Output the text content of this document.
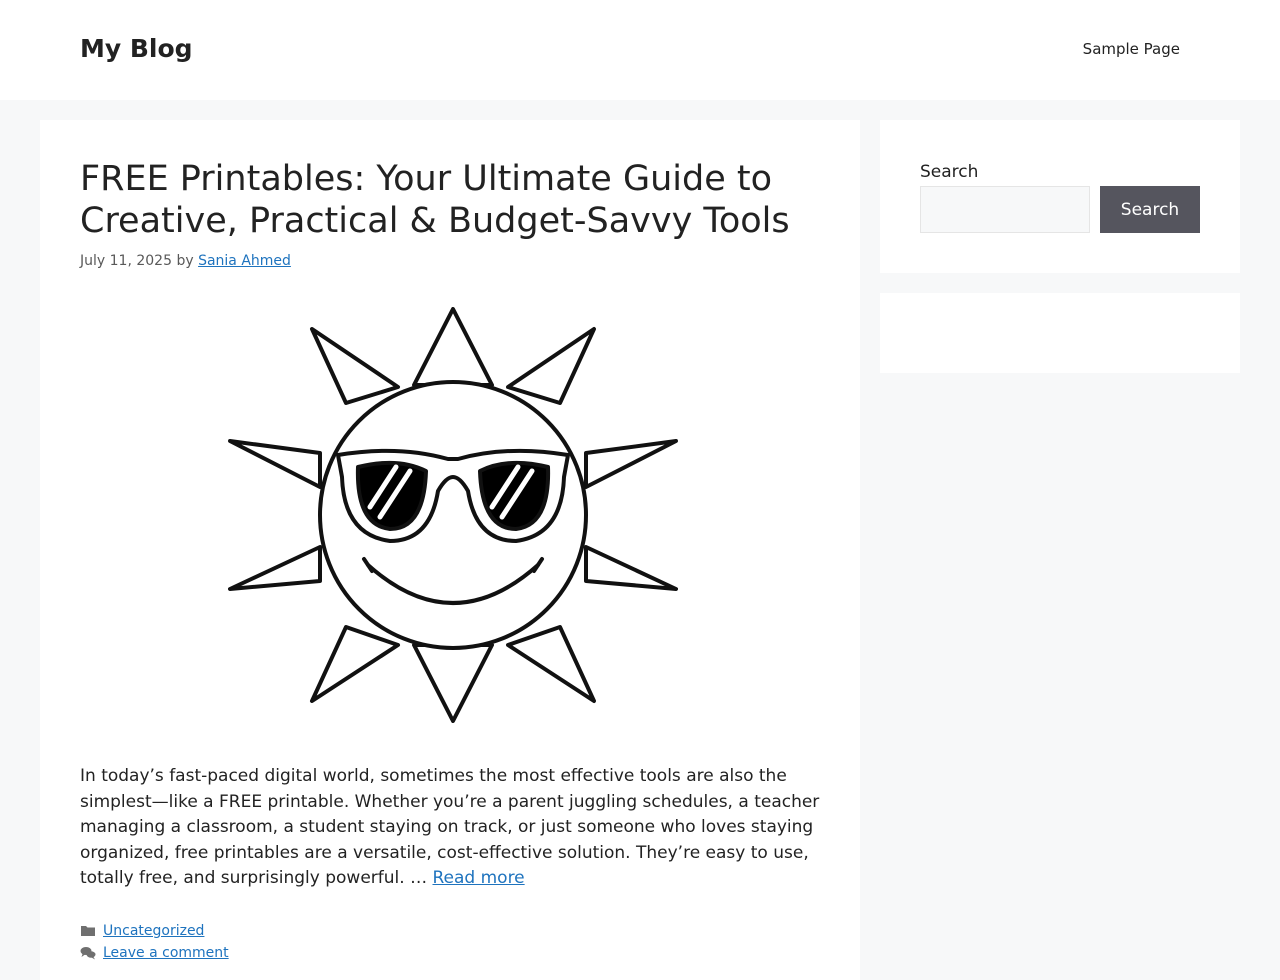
My Blog	Sample Page
FREE Printables: Your Ultimate Guide to Creative, Practical & Budget-Savvy Tools
July 11, 2025 by Sania Ahmed

In today’s fast-paced digital world, sometimes the most effective tools are also the simplest—like a FREE printable. Whether you’re a parent juggling schedules, a teacher managing a classroom, a student staying on track, or just someone who loves staying organized, free printables are a versatile, cost-effective solution. They’re easy to use, totally free, and surprisingly powerful. … Read more

Uncategorized
Leave a comment
Search
Search
